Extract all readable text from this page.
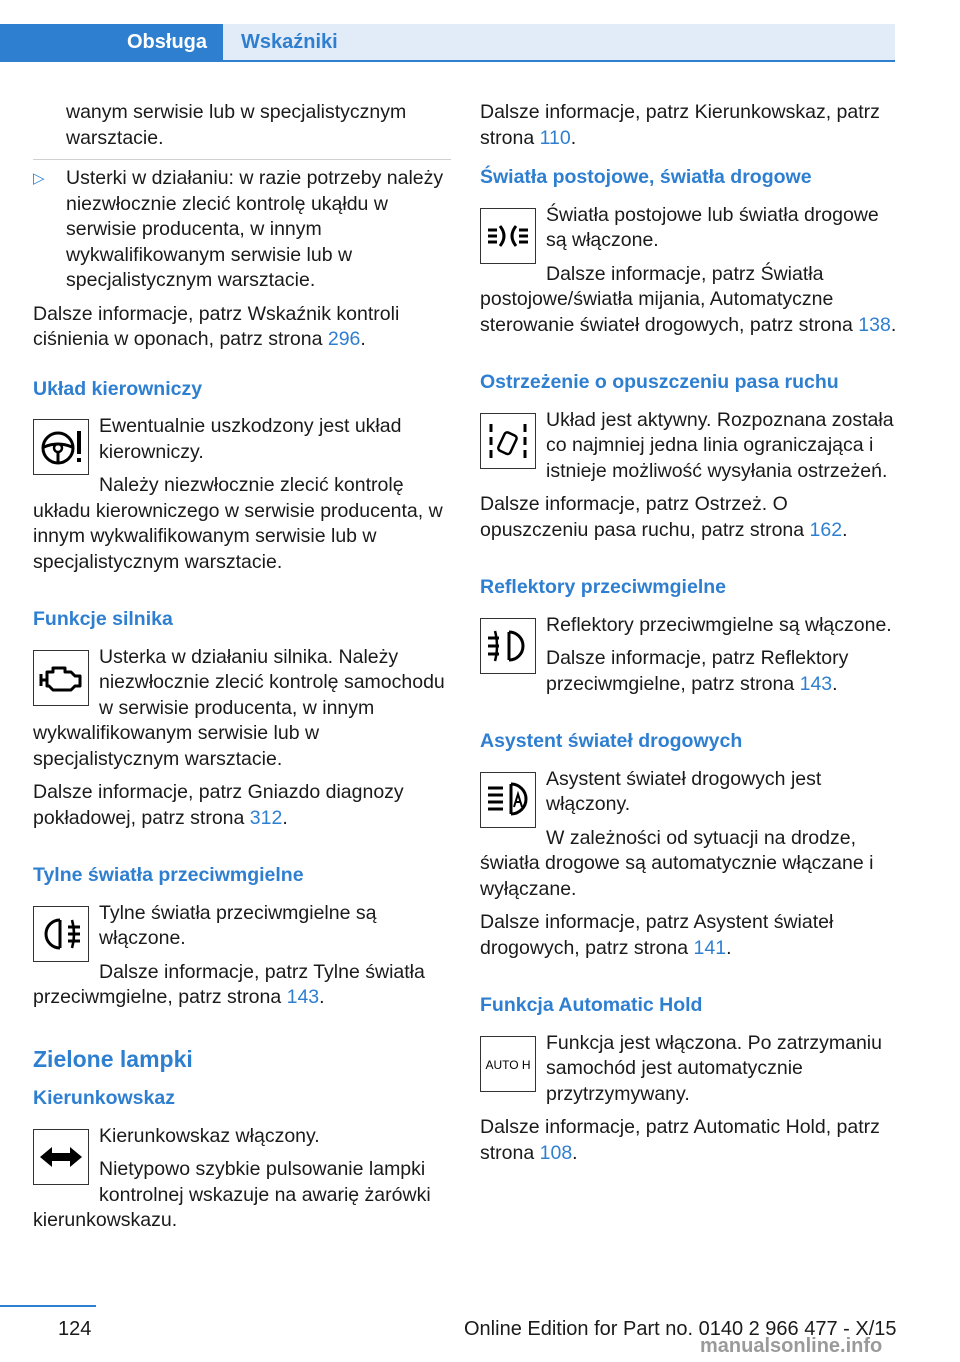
Obsługa	Wskaźniki

wanym serwisie lub w specjalistycznym warsztacie.

▷ Usterki w działaniu: w razie potrzeby należy niezwłocznie zlecić kontrolę ukąłdu w serwisie producenta, w innym wykwalifikowanym serwisie lub w specjalistycznym warsztacie.

Dalsze informacje, patrz Wskaźnik kontroli ciśnienia w oponach, patrz strona 296.

Układ kierowniczy

Ewentualnie uszkodzony jest układ kierowniczy.

Należy niezwłocznie zlecić kontrolę układu kierowniczego w serwisie producenta, w innym wykwalifikowanym serwisie lub w specjalistycznym warsztacie.

Funkcje silnika

Usterka w działaniu silnika. Należy niezwłocznie zlecić kontrolę samochodu w serwisie producenta, w innym wykwalifikowanym serwisie lub w specjalistycznym warsztacie.

Dalsze informacje, patrz Gniazdo diagnozy pokładowej, patrz strona 312.

Tylne światła przeciwmgielne

Tylne światła przeciwmgielne są włączone.

Dalsze informacje, patrz Tylne światła przeciwmgielne, patrz strona 143.

Zielone lampki
Kierunkowskaz

Kierunkowskaz włączony.

Nietypowo szybkie pulsowanie lampki kontrolnej wskazuje na awarię żarówki kierunkowskazu.

Dalsze informacje, patrz Kierunkowskaz, patrz strona 110.

Światła postojowe, światła drogowe

Światła postojowe lub światła drogowe są włączone.

Dalsze informacje, patrz Światła postojowe/światła mijania, Automatyczne sterowanie świateł drogowych, patrz strona 138.

Ostrzeżenie o opuszczeniu pasa ruchu

Układ jest aktywny. Rozpoznana została co najmniej jedna linia ograniczająca i istnieje możliwość wysyłania ostrzeżeń.

Dalsze informacje, patrz Ostrzeż. O opuszczeniu pasa ruchu, patrz strona 162.

Reflektory przeciwmgielne

Reflektory przeciwmgielne są włączone.

Dalsze informacje, patrz Reflektory przeciwmgielne, patrz strona 143.

Asystent świateł drogowych

Asystent świateł drogowych jest włączony.

W zależności od sytuacji na drodze, światła drogowe są automatycznie włączane i wyłączane.

Dalsze informacje, patrz Asystent świateł drogowych, patrz strona 141.

Funkcja Automatic Hold
AUTO H

Funkcja jest włączona. Po zatrzymaniu samochód jest automatycznie przytrzymywany.

Dalsze informacje, patrz Automatic Hold, patrz strona 108.

124	Online Edition for Part no. 0140 2 966 477 - X/15
manualsonline.info
